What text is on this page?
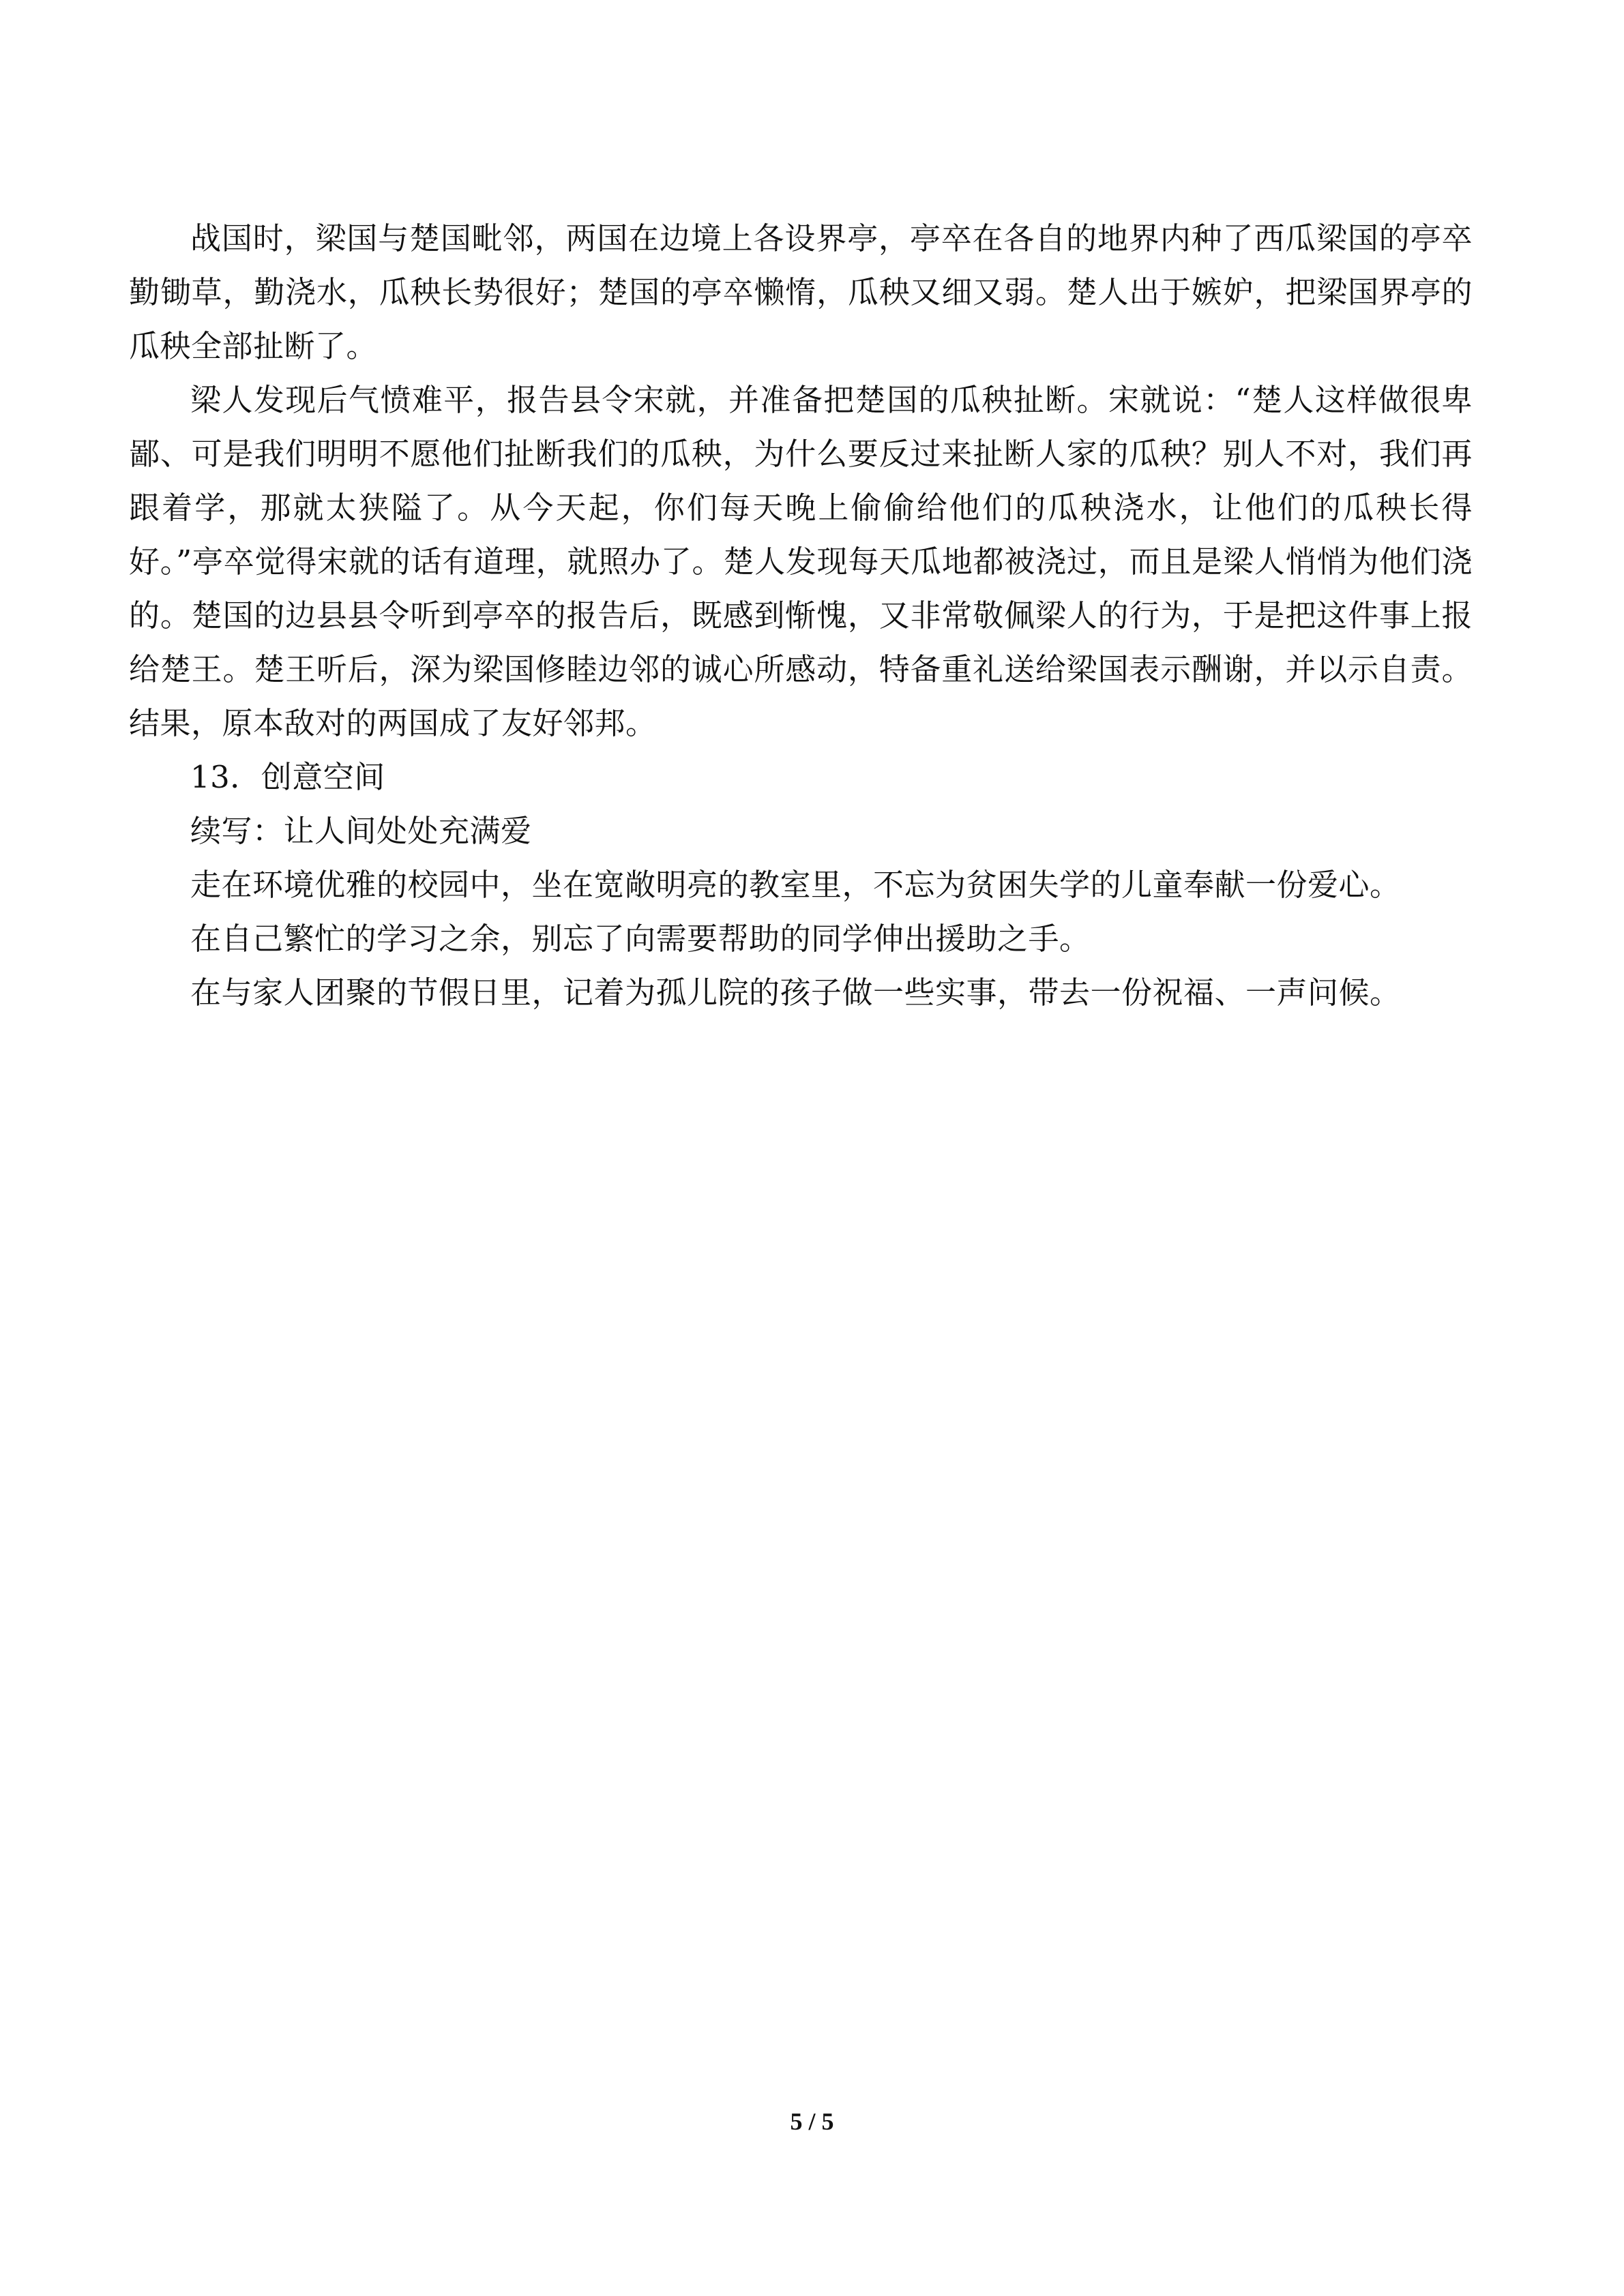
战国时，梁国与楚国毗邻，两国在边境上各设界亭，亭卒在各自的地界内种了西瓜梁国的亭卒勤锄草，勤浇水，瓜秧长势很好；楚国的亭卒懒惰，瓜秧又细又弱。楚人出于嫉妒，把梁国界亭的瓜秧全部扯断了。

梁人发现后气愤难平，报告县令宋就，并准备把楚国的瓜秧扯断。宋就说：“楚人这样做很卑鄙、可是我们明明不愿他们扯断我们的瓜秧，为什么要反过来扯断人家的瓜秧？别人不对，我们再跟着学，那就太狭隘了。从今天起，你们每天晚上偷偷给他们的瓜秧浇水，让他们的瓜秧长得好。”亭卒觉得宋就的话有道理，就照办了。楚人发现每天瓜地都被浇过，而且是梁人悄悄为他们浇的。楚国的边县县令听到亭卒的报告后，既感到惭愧，又非常敬佩梁人的行为，于是把这件事上报给楚王。楚王听后，深为梁国修睦边邻的诚心所感动，特备重礼送给梁国表示酬谢，并以示自责。结果，原本敌对的两国成了友好邻邦。

13．创意空间

续写：让人间处处充满爱

走在环境优雅的校园中，坐在宽敞明亮的教室里，不忘为贫困失学的儿童奉献一份爱心。

在自己繁忙的学习之余，别忘了向需要帮助的同学伸出援助之手。

在与家人团聚的节假日里，记着为孤儿院的孩子做一些实事，带去一份祝福、一声问候。

5 / 5
